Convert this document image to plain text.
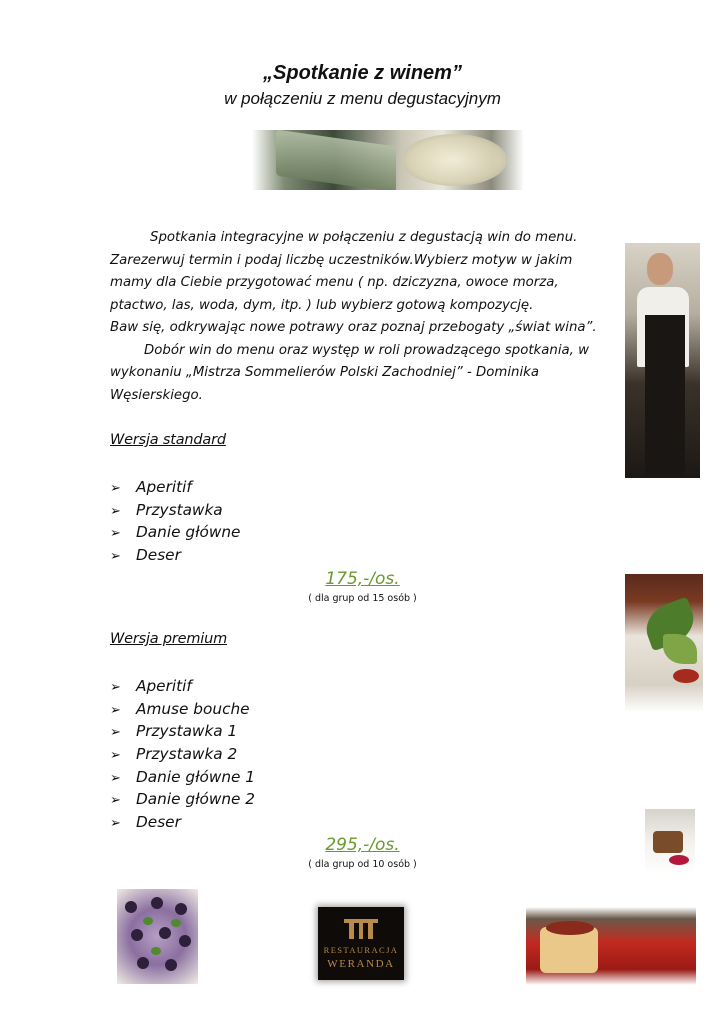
„Spotkanie z winem”
w połączeniu z menu degustacyjnym

Spotkania integracyjne w połączeniu z degustacją win do menu. Zarezerwuj termin i podaj liczbę uczestników.Wybierz motyw w jakim mamy dla Ciebie przygotować menu ( np. dziczyzna, owoce morza, ptactwo, las, woda, dym, itp. ) lub wybierz gotową kompozycję.

Baw się, odkrywając nowe potrawy oraz poznaj przebogaty „świat wina”.

Dobór win do menu oraz występ w roli prowadzącego spotkania, w wykonaniu „Mistrza Sommelierów Polski Zachodniej” - Dominika Węsierskiego.

Wersja standard
➢ Aperitif
➢ Przystawka
➢ Danie główne
➢ Deser
175,-/os.
( dla grup od 15 osób )
Wersja premium
➢ Aperitif
➢ Amuse bouche
➢ Przystawka 1
➢ Przystawka 2
➢ Danie główne 1
➢ Danie główne 2
➢ Deser
295,-/os.
( dla grup od 10 osób )
RESTAURACJA
WERANDA
